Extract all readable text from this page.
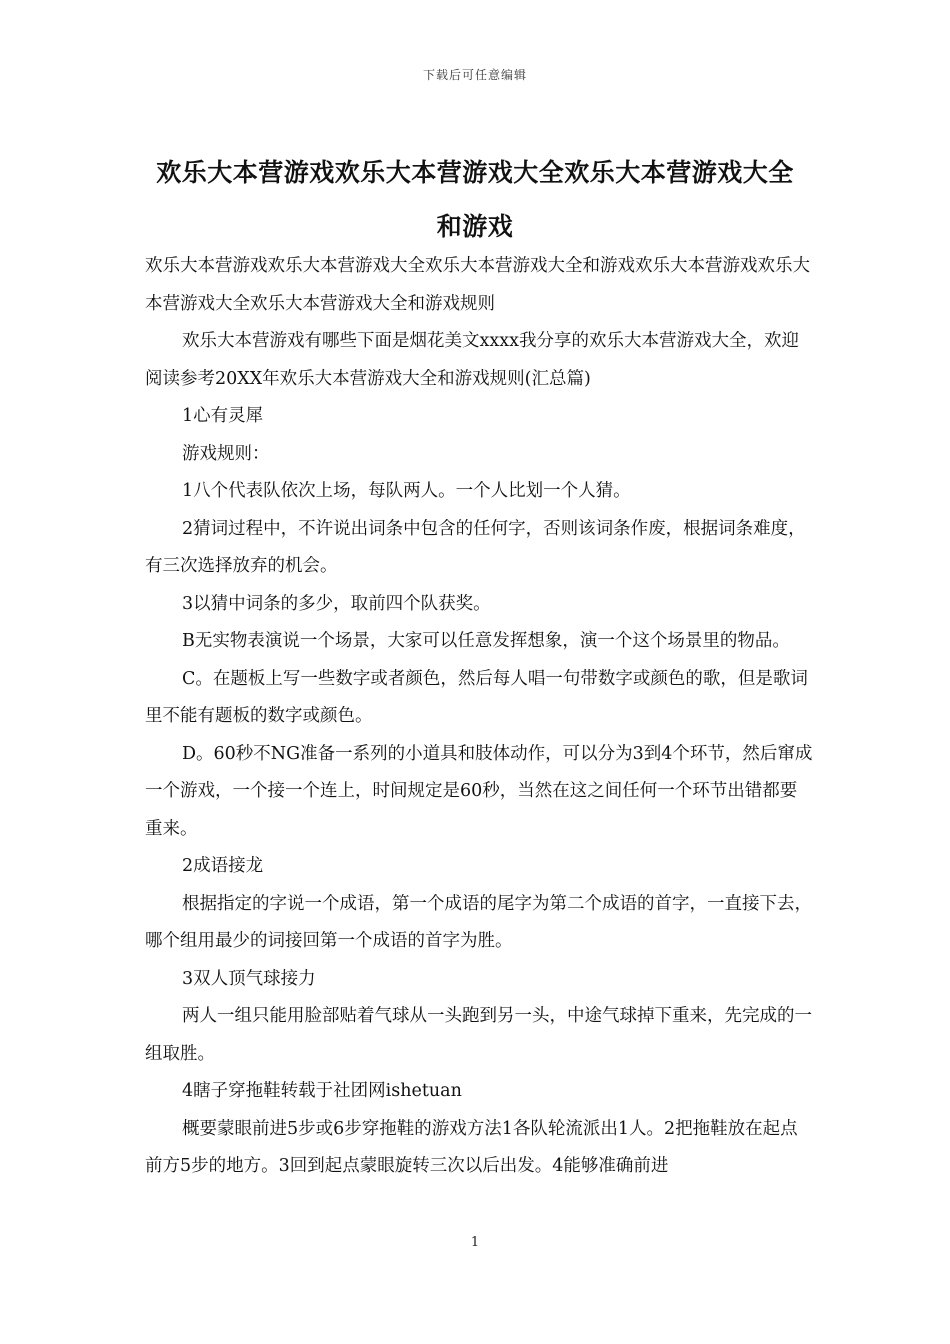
下载后可任意编辑
欢乐大本营游戏欢乐大本营游戏大全欢乐大本营游戏大全
和游戏

欢乐大本营游戏欢乐大本营游戏大全欢乐大本营游戏大全和游戏欢乐大本营游戏欢乐大本营游戏大全欢乐大本营游戏大全和游戏规则

欢乐大本营游戏有哪些下面是烟花美文xxxx我分享的欢乐大本营游戏大全，欢迎阅读参考20XX年欢乐大本营游戏大全和游戏规则(汇总篇)

1心有灵犀

游戏规则：

1八个代表队依次上场，每队两人。一个人比划一个人猜。

2猜词过程中，不许说出词条中包含的任何字，否则该词条作废，根据词条难度，有三次选择放弃的机会。

3以猜中词条的多少，取前四个队获奖。

B无实物表演说一个场景，大家可以任意发挥想象，演一个这个场景里的物品。

C。在题板上写一些数字或者颜色，然后每人唱一句带数字或颜色的歌，但是歌词里不能有题板的数字或颜色。

D。60秒不NG准备一系列的小道具和肢体动作，可以分为3到4个环节，然后窜成一个游戏，一个接一个连上，时间规定是60秒，当然在这之间任何一个环节出错都要重来。

2成语接龙

根据指定的字说一个成语，第一个成语的尾字为第二个成语的首字，一直接下去，哪个组用最少的词接回第一个成语的首字为胜。

3双人顶气球接力

两人一组只能用脸部贴着气球从一头跑到另一头，中途气球掉下重来，先完成的一组取胜。

4瞎子穿拖鞋转载于社团网ishetuan

概要蒙眼前进5步或6步穿拖鞋的游戏方法1各队轮流派出1人。2把拖鞋放在起点前方5步的地方。3回到起点蒙眼旋转三次以后出发。4能够准确前进

1
